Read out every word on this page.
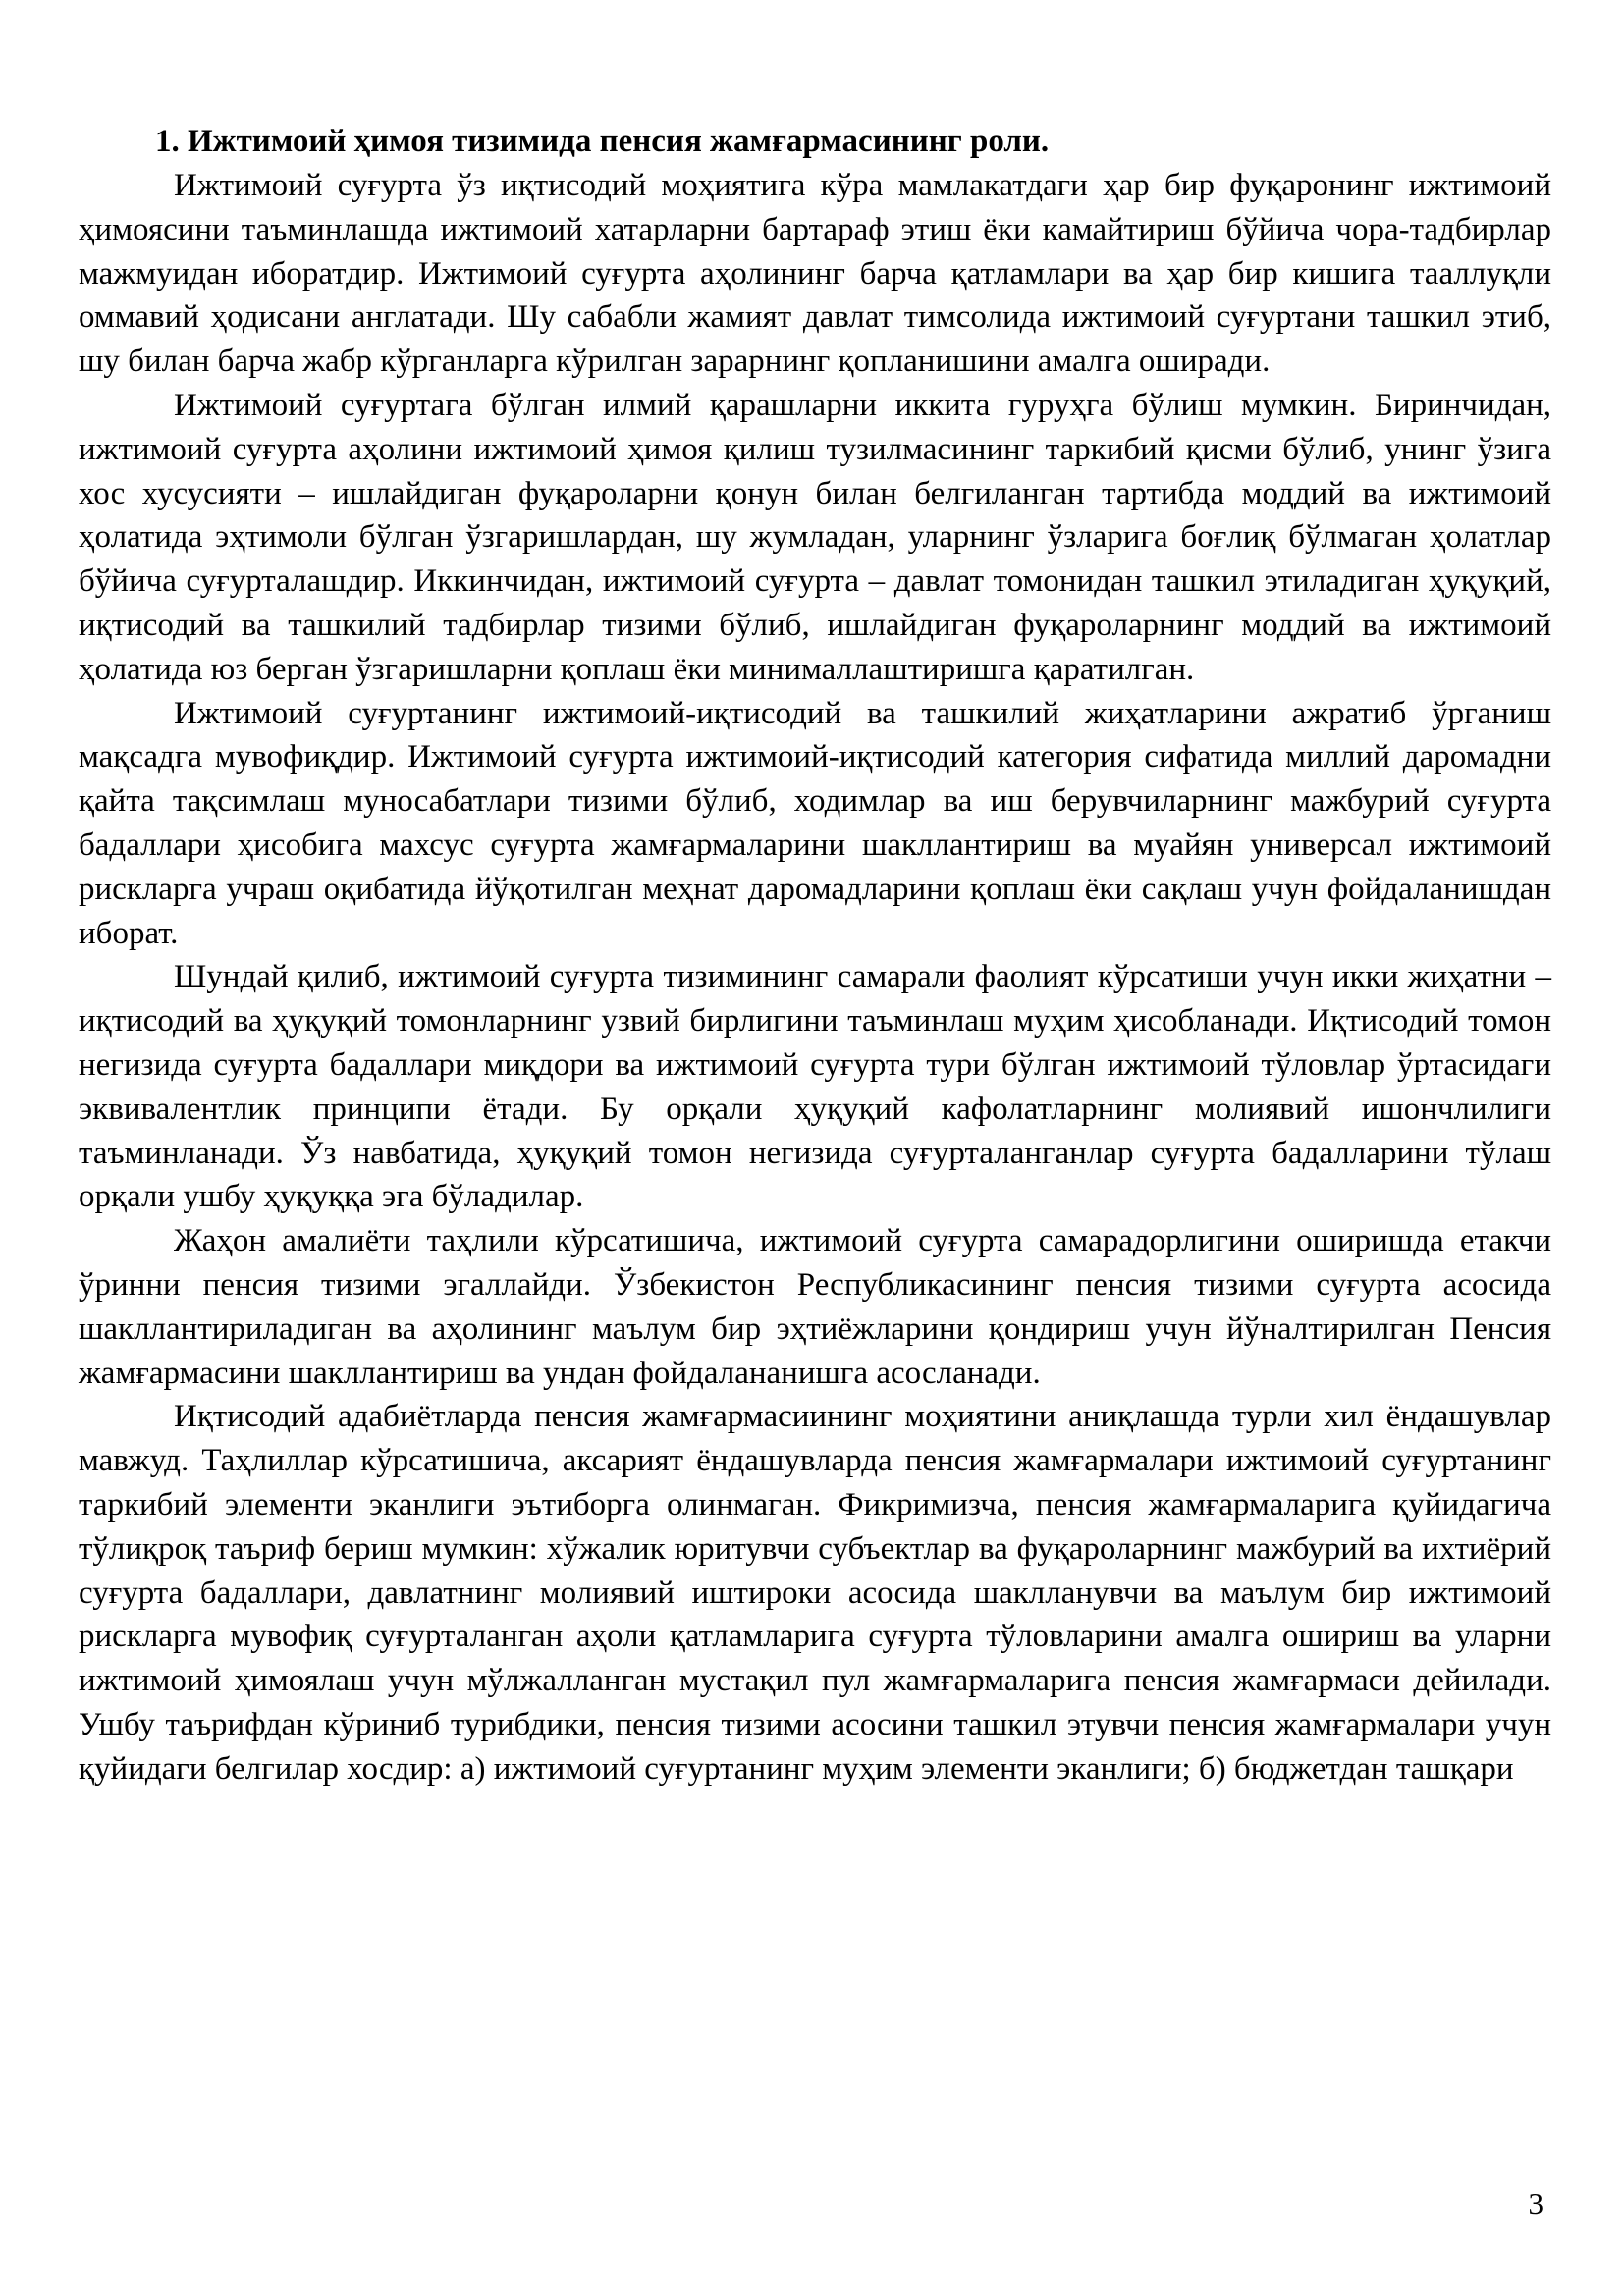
1. Ижтимоий ҳимоя тизимида пенсия жамғармасининг роли.

Ижтимоий суғурта ўз иқтисодий моҳиятига кўра мамлакатдаги ҳар бир фуқаронинг ижтимоий ҳимоясини таъминлашда ижтимоий хатарларни бартараф этиш ёки камайтириш бўйича чора-тадбирлар мажмуидан иборатдир. Ижтимоий суғурта аҳолининг барча қатламлари ва ҳар бир кишига тааллуқли оммавий ҳодисани англатади. Шу сабабли жамият давлат тимсолида ижтимоий суғуртани ташкил этиб, шу билан барча жабр кўрганларга кўрилган зарарнинг қопланишини амалга оширади.

Ижтимоий суғуртага бўлган илмий қарашларни иккита гуруҳга бўлиш мумкин. Биринчидан, ижтимоий суғурта аҳолини ижтимоий ҳимоя қилиш тузилмасининг таркибий қисми бўлиб, унинг ўзига хос хусусияти – ишлайдиган фуқароларни қонун билан белгиланган тартибда моддий ва ижтимоий ҳолатида эҳтимоли бўлган ўзгаришлардан, шу жумладан, уларнинг ўзларига боғлиқ бўлмаган ҳолатлар бўйича суғурталашдир. Иккинчидан, ижтимоий суғурта – давлат томонидан ташкил этиладиган ҳуқуқий, иқтисодий ва ташкилий тадбирлар тизими бўлиб, ишлайдиган фуқароларнинг моддий ва ижтимоий ҳолатида юз берган ўзгаришларни қоплаш ёки минималлаштиришга қаратилган.

Ижтимоий суғуртанинг ижтимоий-иқтисодий ва ташкилий жиҳатларини ажратиб ўрганиш мақсадга мувофиқдир. Ижтимоий суғурта ижтимоий-иқтисодий категория сифатида миллий даромадни қайта тақсимлаш муносабатлари тизими бўлиб, ходимлар ва иш берувчиларнинг мажбурий суғурта бадаллари ҳисобига махсус суғурта жамғармаларини шакллантириш ва муайян универсал ижтимоий рискларга учраш оқибатида йўқотилган меҳнат даромадларини қоплаш ёки сақлаш учун фойдаланишдан иборат.

Шундай қилиб, ижтимоий суғурта тизимининг самарали фаолият кўрсатиши учун икки жиҳатни – иқтисодий ва ҳуқуқий томонларнинг узвий бирлигини таъминлаш муҳим ҳисобланади. Иқтисодий томон негизида суғурта бадаллари миқдори ва ижтимоий суғурта тури бўлган ижтимоий тўловлар ўртасидаги эквивалентлик принципи ётади. Бу орқали ҳуқуқий кафолатларнинг молиявий ишончлилиги таъминланади. Ўз навбатида, ҳуқуқий томон негизида суғурталанганлар суғурта бадалларини тўлаш орқали ушбу ҳуқуққа эга бўладилар.

Жаҳон амалиёти таҳлили кўрсатишича, ижтимоий суғурта самарадорлигини оширишда етакчи ўринни пенсия тизими эгаллайди. Ўзбекистон Республикасининг пенсия тизими суғурта асосида шакллантириладиган ва аҳолининг маълум бир эҳтиёжларини қондириш учун йўналтирилган Пенсия жамғармасини шакллантириш ва ундан фойдалананишга асосланади.

Иқтисодий адабиётларда пенсия жамғармасиининг моҳиятини аниқлашда турли хил ёндашувлар мавжуд. Таҳлиллар кўрсатишича, аксарият ёндашувларда пенсия жамғармалари ижтимоий суғуртанинг таркибий элементи эканлиги эътиборга олинмаган. Фикримизча, пенсия жамғармаларига қуйидагича тўлиқроқ таъриф бериш мумкин: хўжалик юритувчи субъектлар ва фуқароларнинг мажбурий ва ихтиёрий суғурта бадаллари, давлатнинг молиявий иштироки асосида шаклланувчи ва маълум бир ижтимоий рискларга мувофиқ суғурталанган аҳоли қатламларига суғурта тўловларини амалга ошириш ва уларни ижтимоий ҳимоялаш учун мўлжалланган мустақил пул жамғармаларига пенсия жамғармаси дейилади. Ушбу таърифдан кўриниб турибдики, пенсия тизими асосини ташкил этувчи пенсия жамғармалари учун қуйидаги белгилар хосдир: а) ижтимоий суғуртанинг муҳим элементи эканлиги; б) бюджетдан ташқари

3
